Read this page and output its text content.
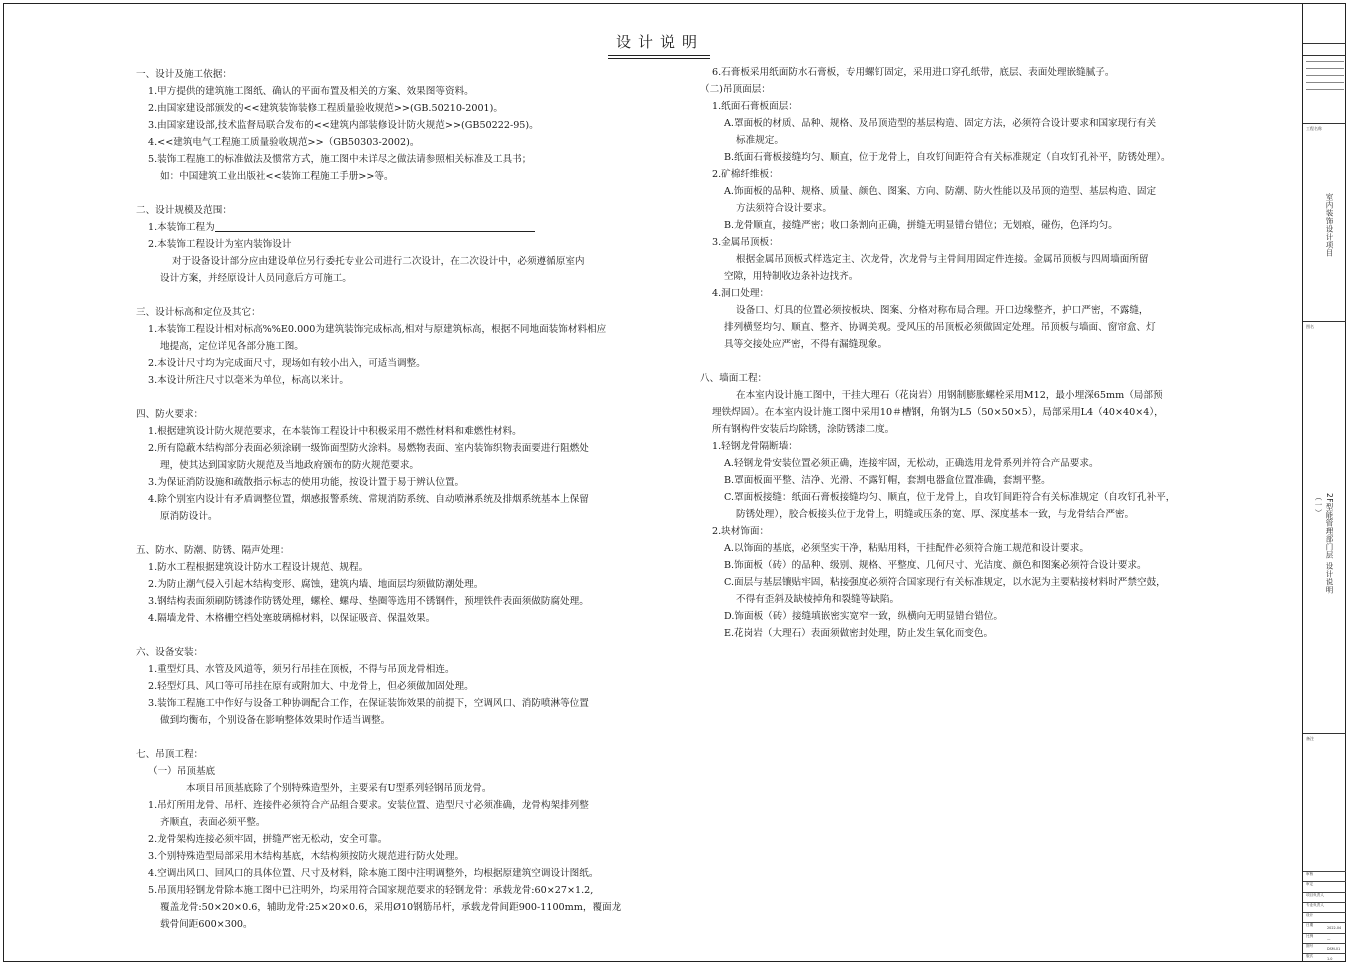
设计说明
一、设计及施工依据：
1.甲方提供的建筑施工图纸、确认的平面布置及相关的方案、效果图等资料。
2.由国家建设部颁发的<<建筑装饰装修工程质量验收规范>>(GB.50210-2001)。
3.由国家建设部,技术监督局联合发布的<<建筑内部装修设计防火规范>>(GB50222-95)。
4.<<建筑电气工程施工质量验收规范>>（GB50303-2002)。
5.装饰工程施工的标准做法及惯常方式，施工图中未详尽之做法请参照相关标准及工具书；
如：中国建筑工业出版社<<装饰工程施工手册>>等。
二、设计规模及范围：
1.本装饰工程为
2.本装饰工程设计为室内装饰设计
对于设备设计部分应由建设单位另行委托专业公司进行二次设计，在二次设计中，必须遵循原室内
设计方案，并经原设计人员同意后方可施工。
三、设计标高和定位及其它：
1.本装饰工程设计相对标高%%E0.000为建筑装饰完成标高,相对与原建筑标高，根据不同地面装饰材料相应
地提高，定位详见各部分施工图。
2.本设计尺寸均为完成面尺寸，现场如有较小出入，可适当调整。
3.本设计所注尺寸以毫米为单位，标高以米计。
四、防火要求：
1.根据建筑设计防火规范要求，在本装饰工程设计中积极采用不燃性材料和难燃性材料。
2.所有隐蔽木结构部分表面必须涂刷一级饰面型防火涂料。易燃物表面、室内装饰织物表面要进行阻燃处
理，使其达到国家防火规范及当地政府颁布的防火规范要求。
3.为保证消防设施和疏散指示标志的使用功能，按设计置于易于辨认位置。
4.除个别室内设计有矛盾调整位置，烟感报警系统、常规消防系统、自动喷淋系统及排烟系统基本上保留
原消防设计。
五、防水、防潮、防锈、隔声处理：
1.防水工程根据建筑设计防水工程设计规范、规程。
2.为防止潮气侵入引起木结构变形、腐蚀，建筑内墙、地面层均须做防潮处理。
3.钢结构表面须刷防锈漆作防锈处理，螺栓、螺母、垫圈等选用不锈钢件，预埋铁件表面须做防腐处理。
4.隔墙龙骨、木格栅空档处塞玻璃棉材料，以保证吸音、保温效果。
六、设备安装：
1.重型灯具、水管及风道等，须另行吊挂在顶板，不得与吊顶龙骨相连。
2.轻型灯具、风口等可吊挂在原有或附加大、中龙骨上，但必须做加固处理。
3.装饰工程施工中作好与设备工种协调配合工作，在保证装饰效果的前提下，空调风口、消防喷淋等位置
做到均衡布，个别设备在影响整体效果时作适当调整。
七、吊顶工程：
（一）吊顶基底
本项目吊顶基底除了个别特殊造型外，主要采有U型系列轻钢吊顶龙骨。
1.吊灯所用龙骨、吊杆、连接件必须符合产品组合要求。安装位置、造型尺寸必须准确，龙骨构架排列整
齐顺直，表面必须平整。
2.龙骨架构连接必须牢固，拼缝严密无松动，安全可靠。
3.个别特殊造型局部采用木结构基底，木结构须按防火规范进行防火处理。
4.空调出风口、回风口的具体位置、尺寸及材料，除本施工图中注明调整外，均根据原建筑空调设计图纸。
5.吊顶用轻钢龙骨除本施工图中已注明外，均采用符合国家规范要求的轻钢龙骨：承载龙骨:60×27×1.2,
覆盖龙骨:50×20×0.6，辅助龙骨:25×20×0.6，采用Ø10钢筋吊杆，承载龙骨间距900-1100mm，覆面龙
载骨间距600×300。
6.石膏板采用纸面防水石膏板，专用螺钉固定，采用进口穿孔纸带，底层、表面处理嵌缝腻子。
（二)吊顶面层：
1.纸面石膏板面层：
A.罩面板的材质、品种、规格、及吊顶造型的基层构造、固定方法，必须符合设计要求和国家现行有关
标准规定。
B.纸面石膏板接缝均匀、顺直，位于龙骨上，自攻钉间距符合有关标准规定（自攻钉孔补平，防锈处理）。
2.矿棉纤维板：
A.饰面板的品种、规格、质量、颜色、图案、方向、防潮、防火性能以及吊顶的造型、基层构造、固定
方法须符合设计要求。
B.龙骨顺直，接缝严密；收口条割向正确，拼缝无明显错台错位；无划痕，碰伤，色泽均匀。
3.金属吊顶板：
根据金属吊顶板式样选定主、次龙骨，次龙骨与主骨间用固定件连接。金属吊顶板与四周墙面所留
空隙，用特制收边条补边找齐。
4.洞口处理：
设备口、灯具的位置必须按板块、图案、分格对称布局合理。开口边缘整齐，护口严密，不露缝，
排列横竖均匀、顺直、整齐、协调美观。受风压的吊顶板必须做固定处理。吊顶板与墙面、窗帘盒、灯
具等交接处应严密，不得有漏缝现象。
八、墙面工程：
在本室内设计施工图中，干挂大理石（花岗岩）用钢制膨胀螺栓采用M12，最小埋深65mm（局部预
埋铁焊固）。在本室内设计施工图中采用10＃槽钢，角钢为L5（50×50×5），局部采用L4（40×40×4），
所有钢构件安装后均除锈，涂防锈漆二度。
1.轻钢龙骨隔断墙：
A.轻钢龙骨安装位置必须正确，连接牢固，无松动，正确选用龙骨系列并符合产品要求。
B.罩面板面平整、洁净、光滑、不露钉帽，套割电器盒位置准确，套割平整。
C.罩面板接缝：纸面石膏板接缝均匀、顺直，位于龙骨上，自攻钉间距符合有关标准规定（自攻钉孔补平，
防锈处理），胶合板接头位于龙骨上，明缝或压条的宽、厚、深度基本一致，与龙骨结合严密。
2.块材饰面：
A.以饰面的基底，必须坚实干净，粘贴用料，干挂配件必须符合施工规范和设计要求。
B.饰面板（砖）的品种、级别、规格、平整度、几何尺寸、光洁度、颜色和图案必须符合设计要求。
C.面层与基层镶贴牢固，粘接强度必须符合国家现行有关标准规定，以水泥为主要粘接材料时严禁空鼓，
不得有歪斜及缺棱掉角和裂缝等缺陷。
D.饰面板（砖）接缝填嵌密实宽窄一致，纵横向无明显错台错位。
E.花岗岩（大理石）表面须做密封处理，防止发生氧化而变色。
工程名称
室内装饰设计项目
图名
2F型能管理部门层 设计说明（一）
备注
审核
审定
项目负责人
专业负责人
设计
日期
2022-04
比例
—
图号
DSM-01
版次
1.0
